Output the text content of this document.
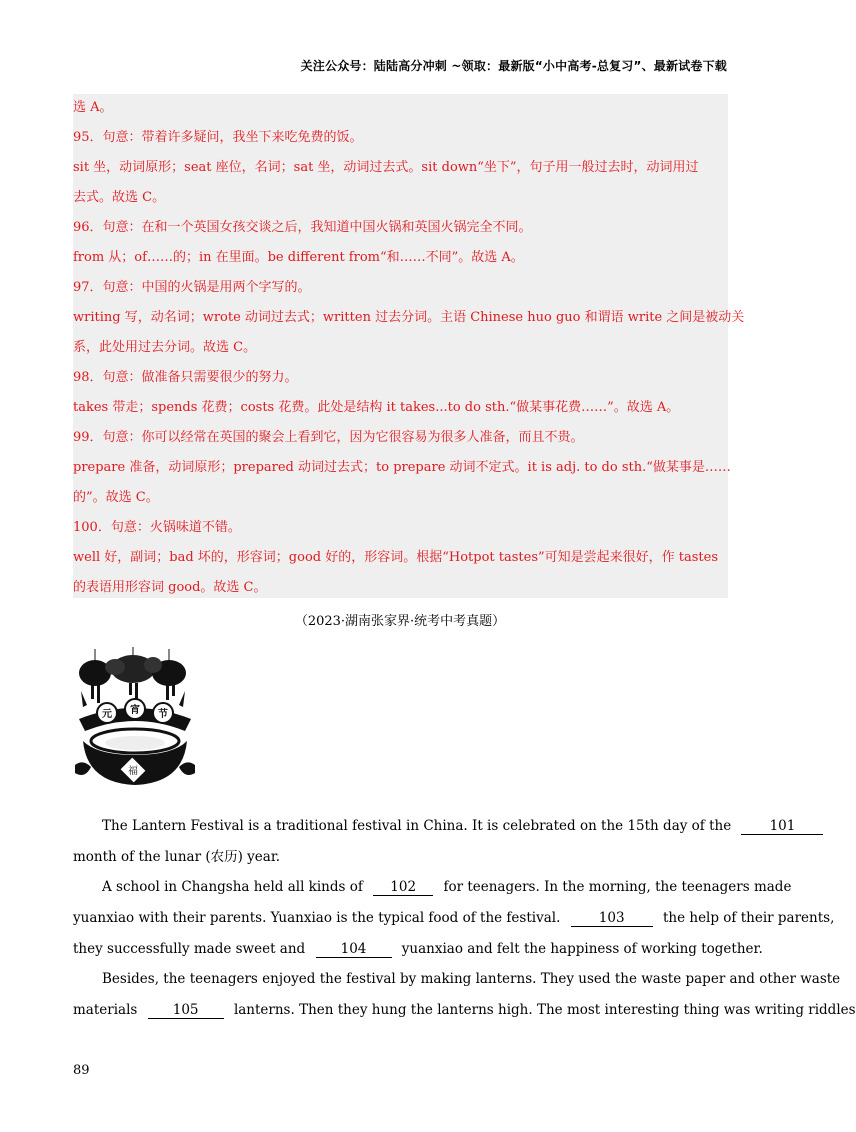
关注公众号：陆陆高分冲刺 ~领取：最新版“小中高考-总复习”、最新试卷下载
选 A。
95．句意：带着许多疑问，我坐下来吃免费的饭。
sit 坐，动词原形；seat 座位，名词；sat 坐，动词过去式。sit down“坐下”，句子用一般过去时，动词用过
去式。故选 C。
96．句意：在和一个英国女孩交谈之后，我知道中国火锅和英国火锅完全不同。
from 从；of……的；in 在里面。be different from“和……不同”。故选 A。
97．句意：中国的火锅是用两个字写的。
writing 写，动名词；wrote 动词过去式；written 过去分词。主语 Chinese huo guo 和谓语 write 之间是被动关
系，此处用过去分词。故选 C。
98．句意：做准备只需要很少的努力。
takes 带走；spends 花费；costs 花费。此处是结构 it takes...to do sth.“做某事花费……”。故选 A。
99．句意：你可以经常在英国的聚会上看到它，因为它很容易为很多人准备，而且不贵。
prepare 准备，动词原形；prepared 动词过去式；to prepare 动词不定式。it is adj. to do sth.“做某事是……
的”。故选 C。
100．句意：火锅味道不错。
well 好，副词；bad 坏的，形容词；good 好的，形容词。根据“Hotpot tastes”可知是尝起来很好，作 tastes
的表语用形容词 good。故选 C。
（2023·湖南张家界·统考中考真题）
元 宵 节
福
The Lantern Festival is a traditional festival in China. It is celebrated on the 15th day of the	101
month of the lunar (农历) year.
A school in Changsha held all kinds of 102 for teenagers. In the morning, the teenagers made
yuanxiao with their parents. Yuanxiao is the typical food of the festival.	103	the help of their parents,
they successfully made sweet and	104	yuanxiao and felt the happiness of working together.
Besides, the teenagers enjoyed the festival by making lanterns. They used the waste paper and other waste
materials	105	lanterns. Then they hung the lanterns high. The most interesting thing was writing riddles
89
